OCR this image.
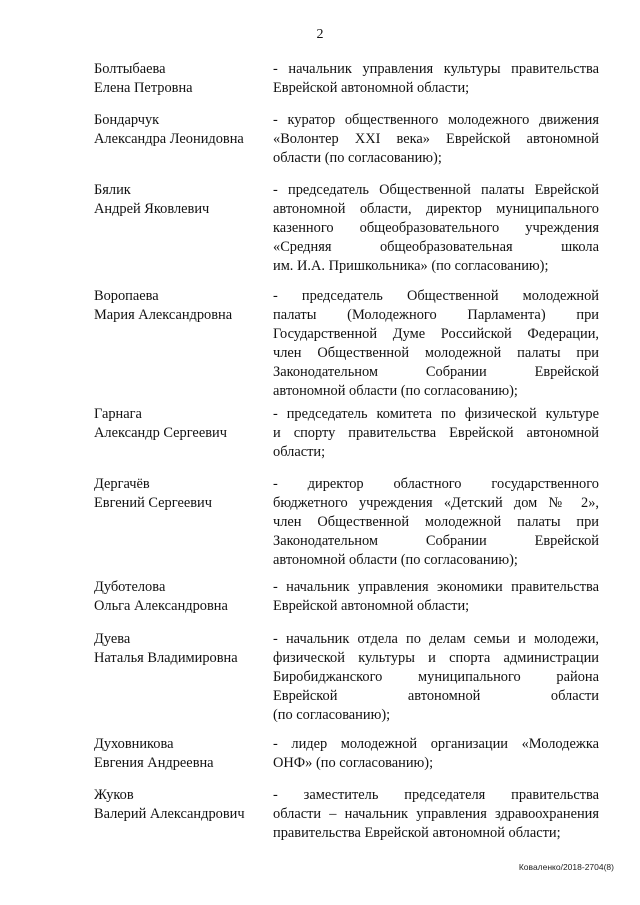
2
Болтыбаева
Елена Петровна
- начальник управления культуры правительства
Еврейской автономной области;
Бондарчук
Александра Леонидовна
- куратор общественного молодежного движения
«Волонтер XXI века» Еврейской автономной
области (по согласованию);
Бялик
Андрей Яковлевич
- председатель Общественной палаты Еврейской
автономной области, директор муниципального
казенного общеобразовательного учреждения
«Средняя общеобразовательная школа
им. И.А. Пришкольника» (по согласованию);
Воропаева
Мария Александровна
- председатель Общественной молодежной
палаты (Молодежного Парламента) при
Государственной Думе Российской Федерации,
член Общественной молодежной палаты при
Законодательном Собрании Еврейской
автономной области (по согласованию);
Гарнага
Александр Сергеевич
- председатель комитета по физической культуре
и спорту правительства Еврейской автономной
области;
Дергачёв
Евгений Сергеевич
- директор областного государственного
бюджетного учреждения «Детский дом № 2»,
член Общественной молодежной палаты при
Законодательном Собрании Еврейской
автономной области (по согласованию);
Дуботеловa
Ольга Александровна
- начальник управления экономики правительства
Еврейской автономной области;
Дуева
Наталья Владимировна
- начальник отдела по делам семьи и молодежи,
физической культуры и спорта администрации
Биробиджанского муниципального района
Еврейской автономной области
(по согласованию);
Духовникова
Евгения Андреевна
- лидер молодежной организации «Молодежка
ОНФ» (по согласованию);
Жуков
Валерий Александрович
- заместитель председателя правительства
области – начальник управления здравоохранения
правительства Еврейской автономной области;
Коваленко/2018-2704(8)
